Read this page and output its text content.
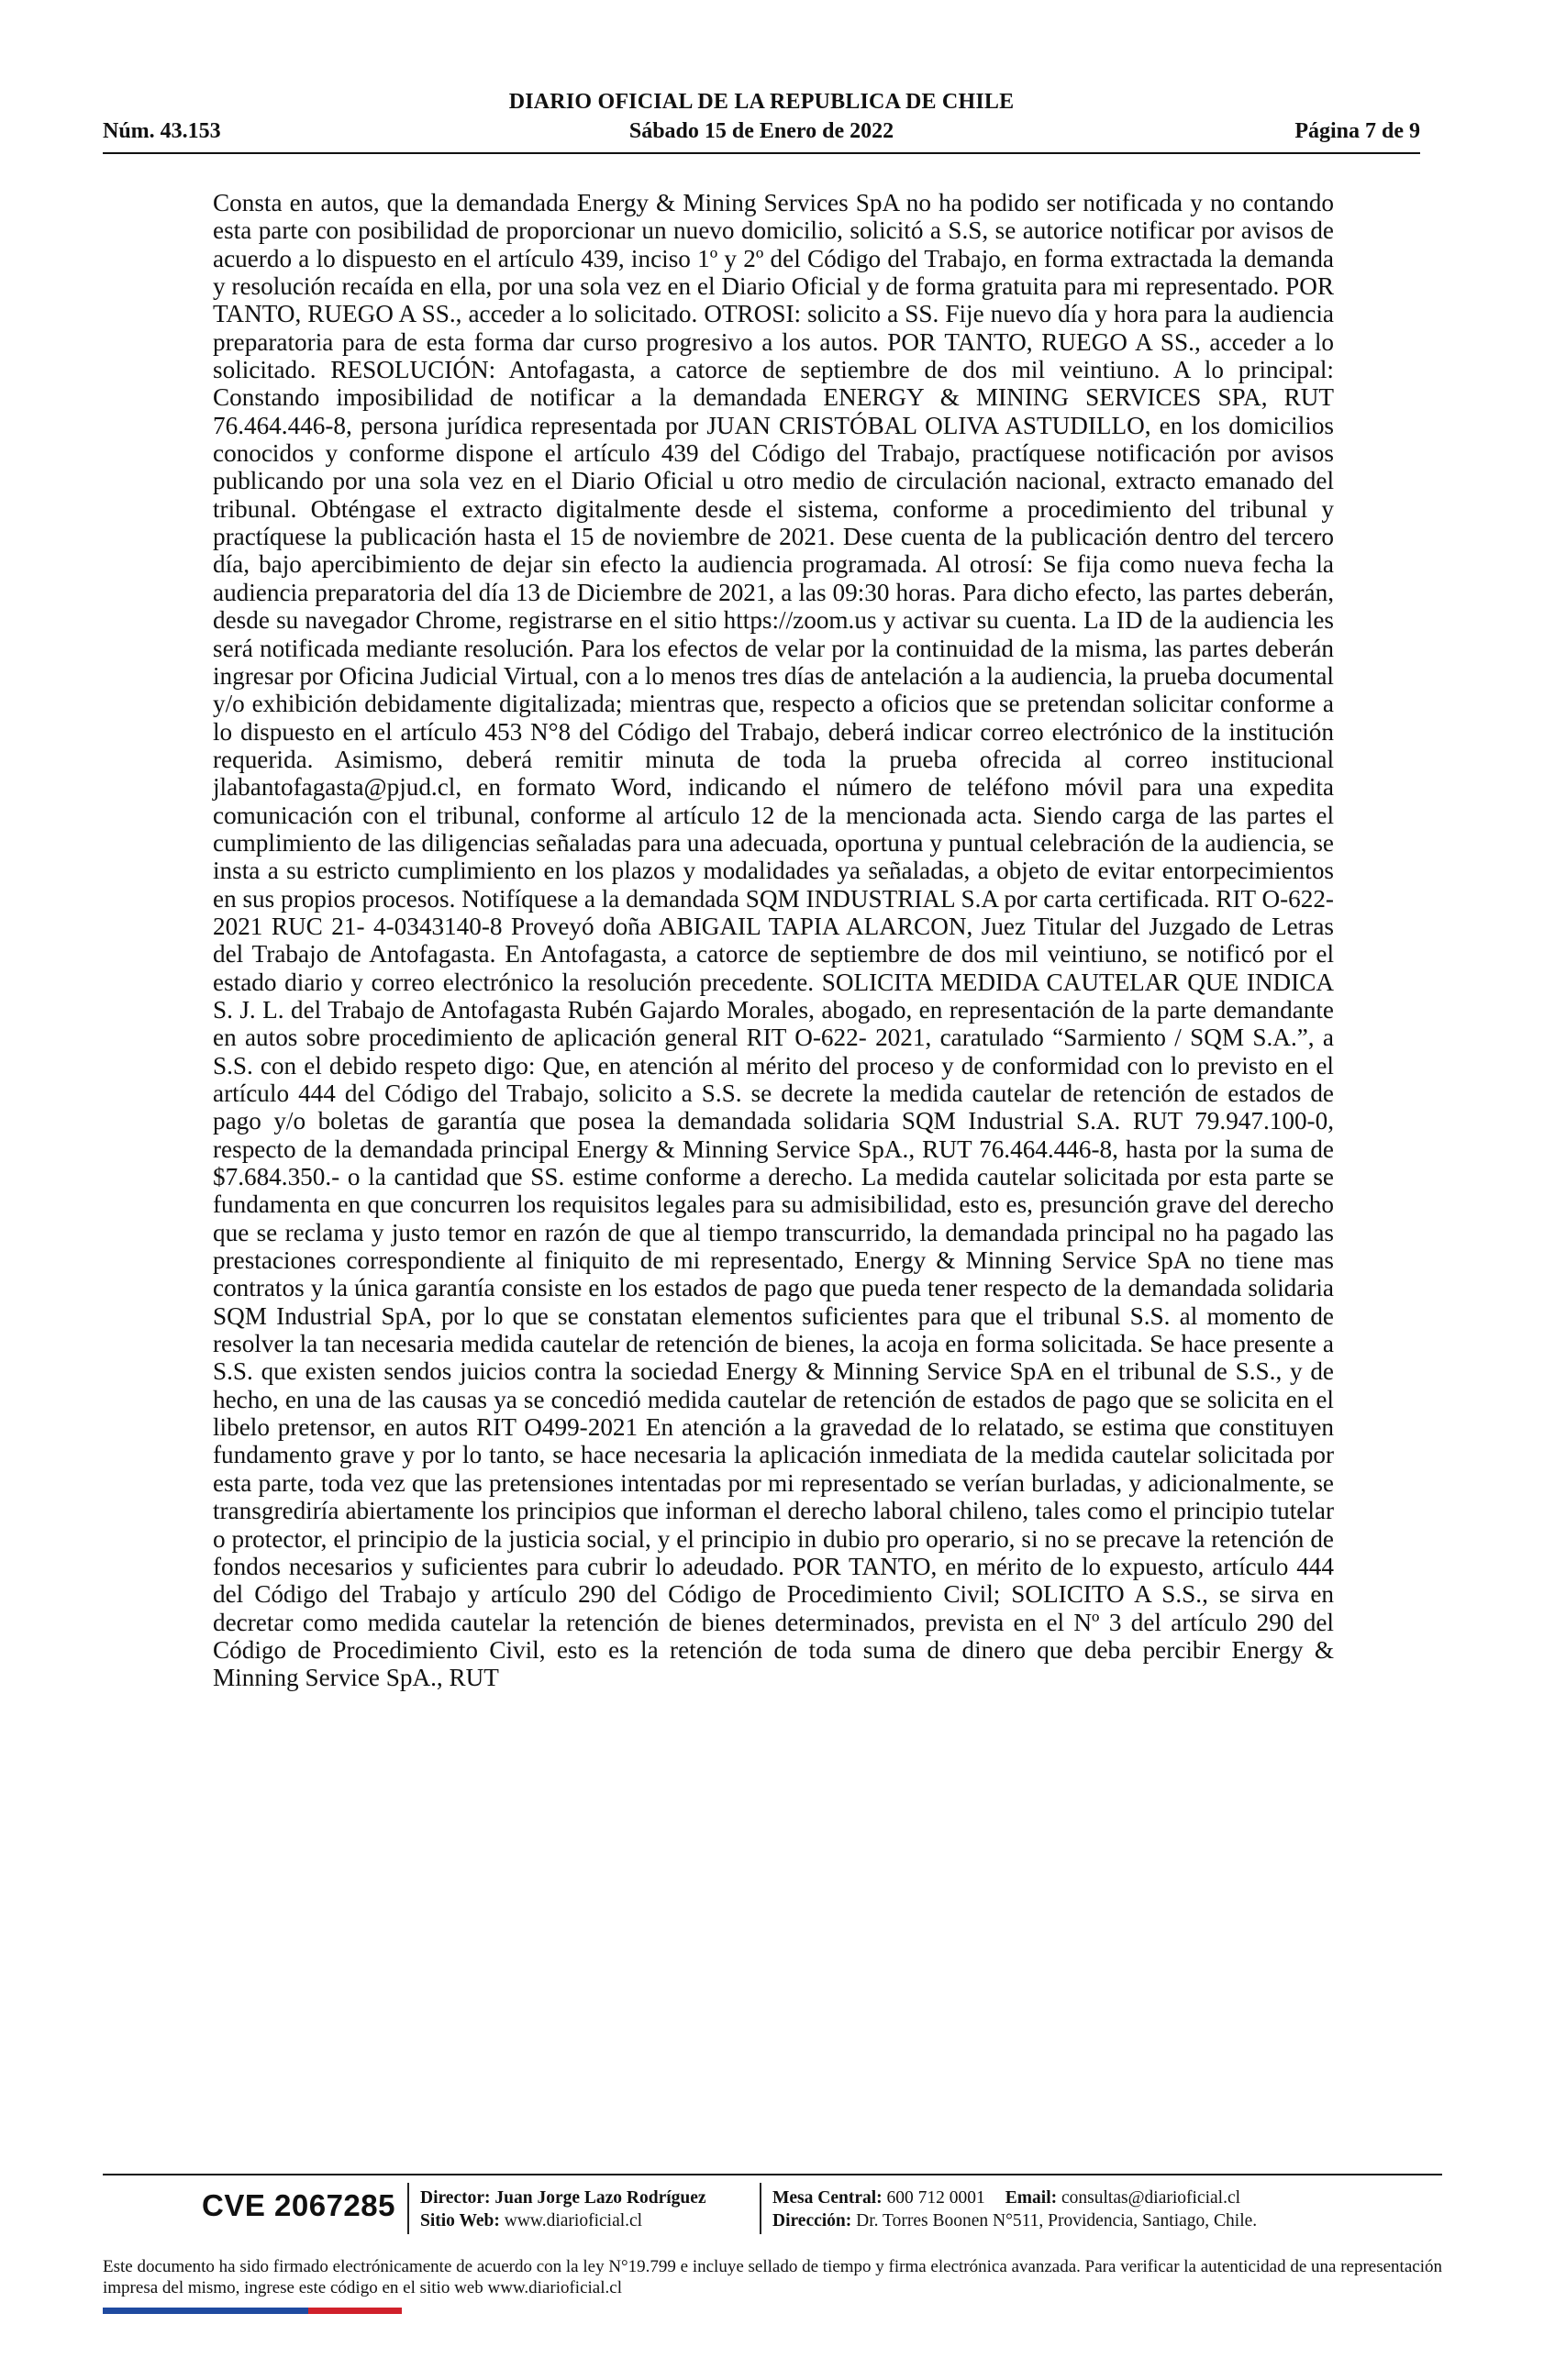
DIARIO OFICIAL DE LA REPUBLICA DE CHILE
Núm. 43.153	Sábado 15 de Enero de 2022	Página 7 de 9

Consta en autos, que la demandada Energy & Mining Services SpA no ha podido ser notificada y no contando esta parte con posibilidad de proporcionar un nuevo domicilio, solicitó a S.S, se autorice notificar por avisos de acuerdo a lo dispuesto en el artículo 439, inciso 1º y 2º del Código del Trabajo, en forma extractada la demanda y resolución recaída en ella, por una sola vez en el Diario Oficial y de forma gratuita para mi representado. POR TANTO, RUEGO A SS., acceder a lo solicitado. OTROSI: solicito a SS. Fije nuevo día y hora para la audiencia preparatoria para de esta forma dar curso progresivo a los autos. POR TANTO, RUEGO A SS., acceder a lo solicitado. RESOLUCIÓN: Antofagasta, a catorce de septiembre de dos mil veintiuno. A lo principal: Constando imposibilidad de notificar a la demandada ENERGY & MINING SERVICES SPA, RUT 76.464.446-8, persona jurídica representada por JUAN CRISTÓBAL OLIVA ASTUDILLO, en los domicilios conocidos y conforme dispone el artículo 439 del Código del Trabajo, practíquese notificación por avisos publicando por una sola vez en el Diario Oficial u otro medio de circulación nacional, extracto emanado del tribunal. Obténgase el extracto digitalmente desde el sistema, conforme a procedimiento del tribunal y practíquese la publicación hasta el 15 de noviembre de 2021. Dese cuenta de la publicación dentro del tercero día, bajo apercibimiento de dejar sin efecto la audiencia programada. Al otrosí: Se fija como nueva fecha la audiencia preparatoria del día 13 de Diciembre de 2021, a las 09:30 horas. Para dicho efecto, las partes deberán, desde su navegador Chrome, registrarse en el sitio https://zoom.us y activar su cuenta. La ID de la audiencia les será notificada mediante resolución. Para los efectos de velar por la continuidad de la misma, las partes deberán ingresar por Oficina Judicial Virtual, con a lo menos tres días de antelación a la audiencia, la prueba documental y/o exhibición debidamente digitalizada; mientras que, respecto a oficios que se pretendan solicitar conforme a lo dispuesto en el artículo 453 N°8 del Código del Trabajo, deberá indicar correo electrónico de la institución requerida. Asimismo, deberá remitir minuta de toda la prueba ofrecida al correo institucional jlabantofagasta@pjud.cl, en formato Word, indicando el número de teléfono móvil para una expedita comunicación con el tribunal, conforme al artículo 12 de la mencionada acta. Siendo carga de las partes el cumplimiento de las diligencias señaladas para una adecuada, oportuna y puntual celebración de la audiencia, se insta a su estricto cumplimiento en los plazos y modalidades ya señaladas, a objeto de evitar entorpecimientos en sus propios procesos. Notifíquese a la demandada SQM INDUSTRIAL S.A por carta certificada. RIT O-622-2021 RUC 21- 4-0343140-8 Proveyó doña ABIGAIL TAPIA ALARCON, Juez Titular del Juzgado de Letras del Trabajo de Antofagasta. En Antofagasta, a catorce de septiembre de dos mil veintiuno, se notificó por el estado diario y correo electrónico la resolución precedente. SOLICITA MEDIDA CAUTELAR QUE INDICA S. J. L. del Trabajo de Antofagasta Rubén Gajardo Morales, abogado, en representación de la parte demandante en autos sobre procedimiento de aplicación general RIT O-622- 2021, caratulado “Sarmiento / SQM S.A.”, a S.S. con el debido respeto digo: Que, en atención al mérito del proceso y de conformidad con lo previsto en el artículo 444 del Código del Trabajo, solicito a S.S. se decrete la medida cautelar de retención de estados de pago y/o boletas de garantía que posea la demandada solidaria SQM Industrial S.A. RUT 79.947.100-0, respecto de la demandada principal Energy & Minning Service SpA., RUT 76.464.446-8, hasta por la suma de $7.684.350.- o la cantidad que SS. estime conforme a derecho. La medida cautelar solicitada por esta parte se fundamenta en que concurren los requisitos legales para su admisibilidad, esto es, presunción grave del derecho que se reclama y justo temor en razón de que al tiempo transcurrido, la demandada principal no ha pagado las prestaciones correspondiente al finiquito de mi representado, Energy & Minning Service SpA no tiene mas contratos y la única garantía consiste en los estados de pago que pueda tener respecto de la demandada solidaria SQM Industrial SpA, por lo que se constatan elementos suficientes para que el tribunal S.S. al momento de resolver la tan necesaria medida cautelar de retención de bienes, la acoja en forma solicitada. Se hace presente a S.S. que existen sendos juicios contra la sociedad Energy & Minning Service SpA en el tribunal de S.S., y de hecho, en una de las causas ya se concedió medida cautelar de retención de estados de pago que se solicita en el libelo pretensor, en autos RIT O499-2021 En atención a la gravedad de lo relatado, se estima que constituyen fundamento grave y por lo tanto, se hace necesaria la aplicación inmediata de la medida cautelar solicitada por esta parte, toda vez que las pretensiones intentadas por mi representado se verían burladas, y adicionalmente, se transgrediría abiertamente los principios que informan el derecho laboral chileno, tales como el principio tutelar o protector, el principio de la justicia social, y el principio in dubio pro operario, si no se precave la retención de fondos necesarios y suficientes para cubrir lo adeudado. POR TANTO, en mérito de lo expuesto, artículo 444 del Código del Trabajo y artículo 290 del Código de Procedimiento Civil; SOLICITO A S.S., se sirva en decretar como medida cautelar la retención de bienes determinados, prevista en el Nº 3 del artículo 290 del Código de Procedimiento Civil, esto es la retención de toda suma de dinero que deba percibir Energy & Minning Service SpA., RUT

CVE 2067285 Director: Juan Jorge Lazo Rodríguez
Sitio Web: www.diarioficial.cl
Mesa Central: 600 712 0001 Email: consultas@diarioficial.cl
Dirección: Dr. Torres Boonen N°511, Providencia, Santiago, Chile.
Este documento ha sido firmado electrónicamente de acuerdo con la ley N°19.799 e incluye sellado de tiempo y firma electrónica avanzada. Para verificar la autenticidad de una representación impresa del mismo, ingrese este código en el sitio web www.diarioficial.cl
